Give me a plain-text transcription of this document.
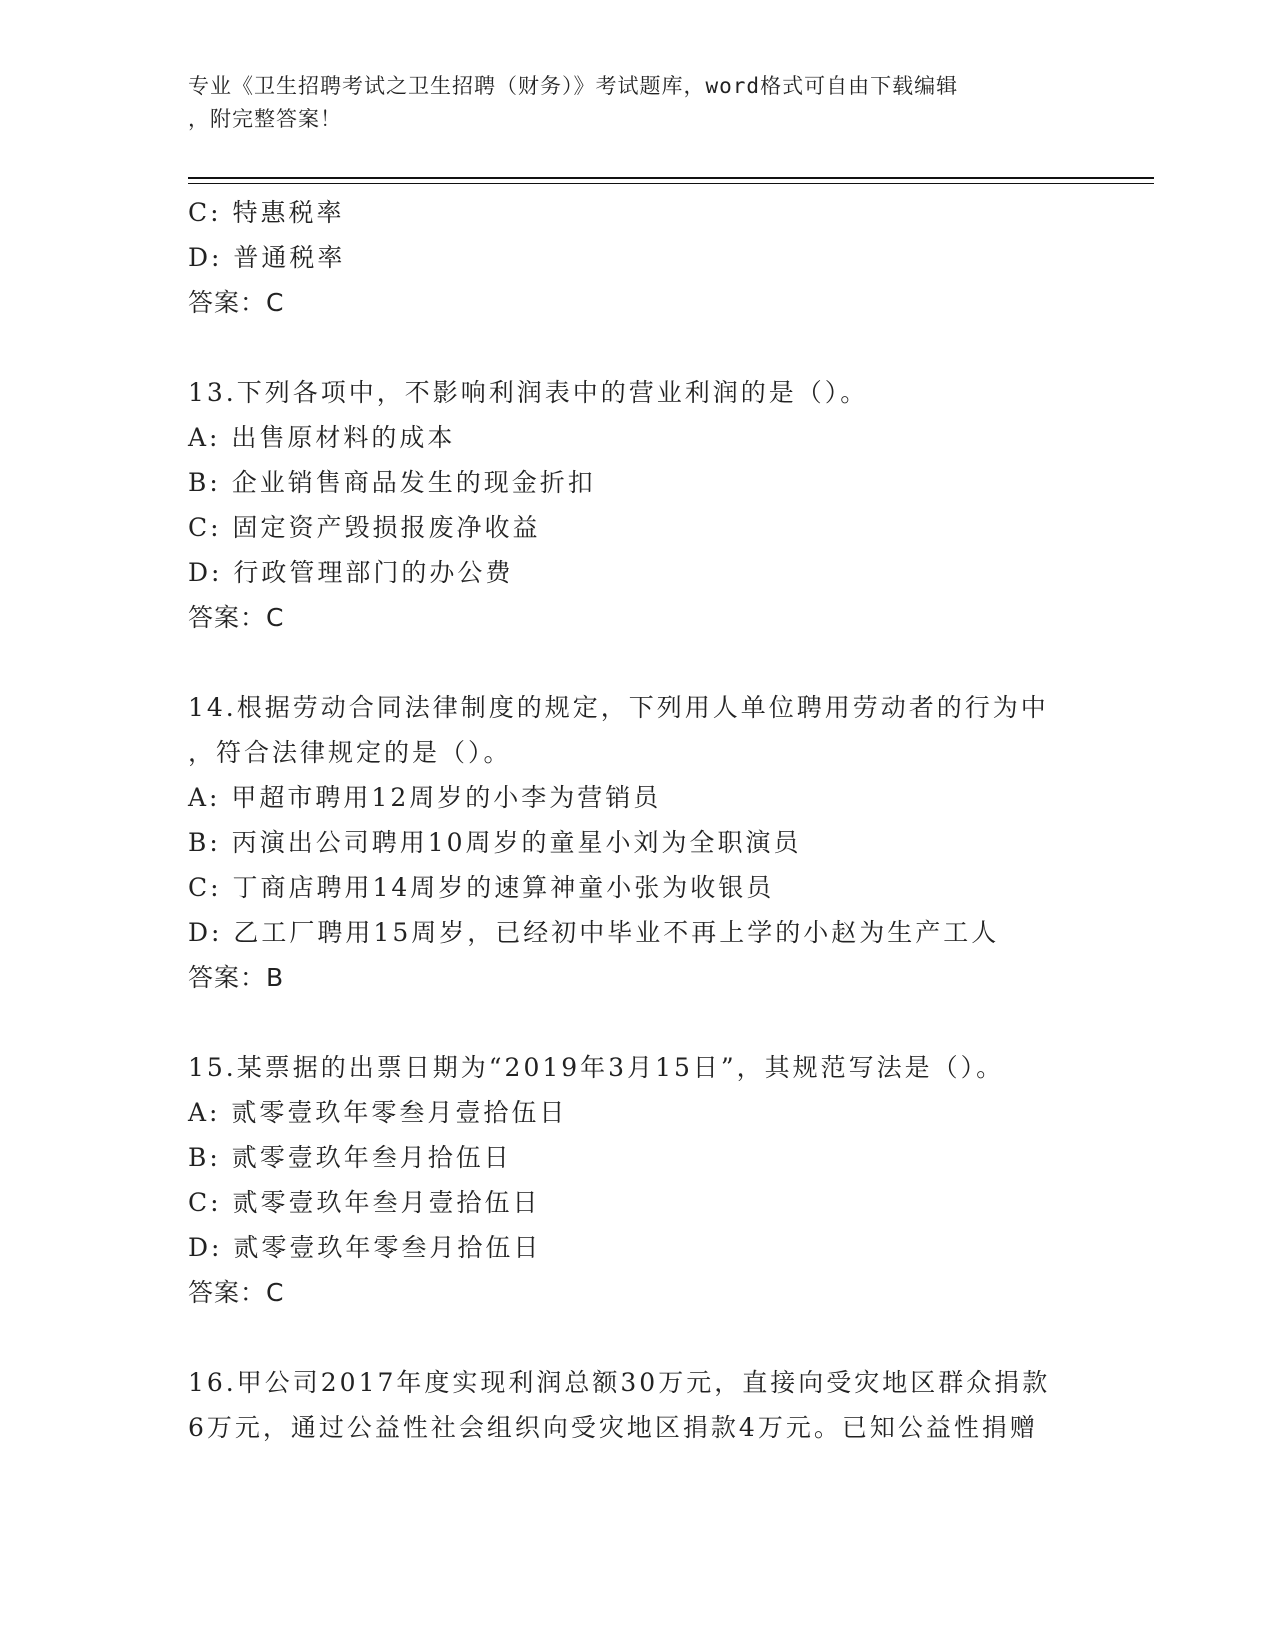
专业《卫生招聘考试之卫生招聘（财务）》考试题库，word格式可自由下载编辑
，附完整答案！
C: 特惠税率
D: 普通税率
答案：C
13.下列各项中，不影响利润表中的营业利润的是（）。
A: 出售原材料的成本
B: 企业销售商品发生的现金折扣
C: 固定资产毁损报废净收益
D: 行政管理部门的办公费
答案：C
14.根据劳动合同法律制度的规定，下列用人单位聘用劳动者的行为中
，符合法律规定的是（）。
A: 甲超市聘用12周岁的小李为营销员
B: 丙演出公司聘用10周岁的童星小刘为全职演员
C: 丁商店聘用14周岁的速算神童小张为收银员
D: 乙工厂聘用15周岁，已经初中毕业不再上学的小赵为生产工人
答案：B
15.某票据的出票日期为“2019年3月15日”，其规范写法是（）。
A: 贰零壹玖年零叁月壹拾伍日
B: 贰零壹玖年叁月拾伍日
C: 贰零壹玖年叁月壹拾伍日
D: 贰零壹玖年零叁月拾伍日
答案：C
16.甲公司2017年度实现利润总额30万元，直接向受灾地区群众捐款
6万元，通过公益性社会组织向受灾地区捐款4万元。已知公益性捐赠
